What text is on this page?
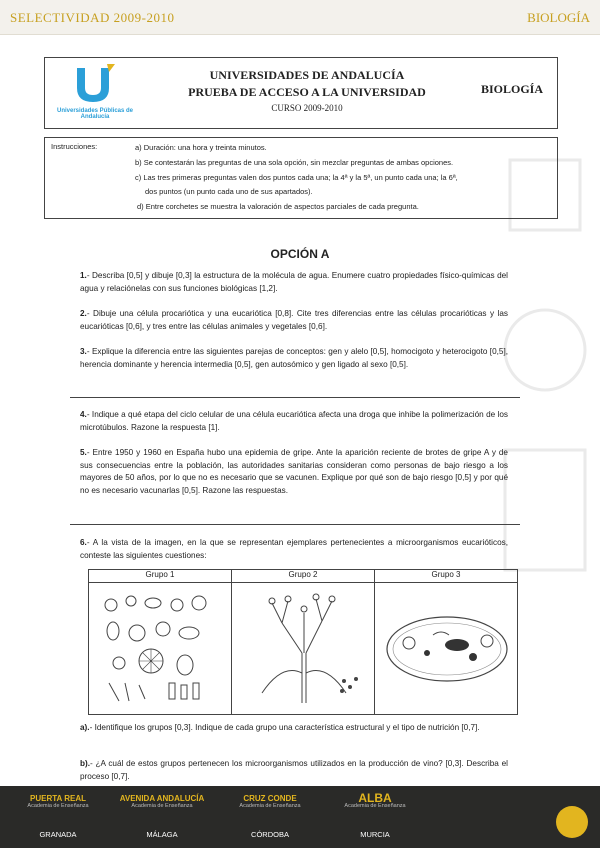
SELECTIVIDAD 2009-2010	BIOLOGÍA
Universidades Públicas de Andalucía
UNIVERSIDADES DE ANDALUCÍA
PRUEBA DE ACCESO A LA UNIVERSIDAD
CURSO 2009-2010
BIOLOGÍA
Instrucciones:	a) Duración: una hora y treinta minutos.
b) Se contestarán las preguntas de una sola opción, sin mezclar preguntas de ambas opciones.
c) Las tres primeras preguntas valen dos puntos cada una; la 4ª y la 5ª, un punto cada una; la 6ª,
dos puntos (un punto cada uno de sus apartados).
d) Entre corchetes se muestra la valoración de aspectos parciales de cada pregunta.
OPCIÓN A
1.- Describa [0,5] y dibuje [0,3] la estructura de la molécula de agua. Enumere cuatro propiedades físico-químicas del agua y relaciónelas con sus funciones biológicas [1,2].
2.- Dibuje una célula procariótica y una eucariótica [0,8]. Cite tres diferencias entre las células procarióticas y las eucarióticas [0,6], y tres entre las células animales y vegetales [0,6].
3.- Explique la diferencia entre las siguientes parejas de conceptos: gen y alelo [0,5], homocigoto y heterocigoto [0,5], herencia dominante y herencia intermedia [0,5], gen autosómico y gen ligado al sexo [0,5].
4.- Indique a qué etapa del ciclo celular de una célula eucariótica afecta una droga que inhibe la polimerización de los microtúbulos. Razone la respuesta [1].
5.- Entre 1950 y 1960 en España hubo una epidemia de gripe. Ante la aparición reciente de brotes de gripe A y de sus consecuencias entre la población, las autoridades sanitarias consideran como personas de bajo riesgo a los mayores de 50 años, por lo que no es necesario que se vacunen. Explique por qué son de bajo riesgo [0,5] y por qué no es necesario vacunarlas [0,5]. Razone las respuestas.
6.- A la vista de la imagen, en la que se representan ejemplares pertenecientes a microorganismos eucarióticos, conteste las siguientes cuestiones:
Grupo 1	Grupo 2	Grupo 3

a).- Identifique los grupos [0,3]. Indique de cada grupo una característica estructural y el tipo de nutrición [0,7].
b).- ¿A cuál de estos grupos pertenecen los microorganismos utilizados en la producción de vino? [0,3]. Describa el proceso [0,7].
PUERTA REAL
Academia de Enseñanza
GRANADA
AVENIDA ANDALUCÍA
Academia de Enseñanza
MÁLAGA
CRUZ CONDE
Academia de Enseñanza
CÓRDOBA
ALBA
Academia de Enseñanza
MURCIA
